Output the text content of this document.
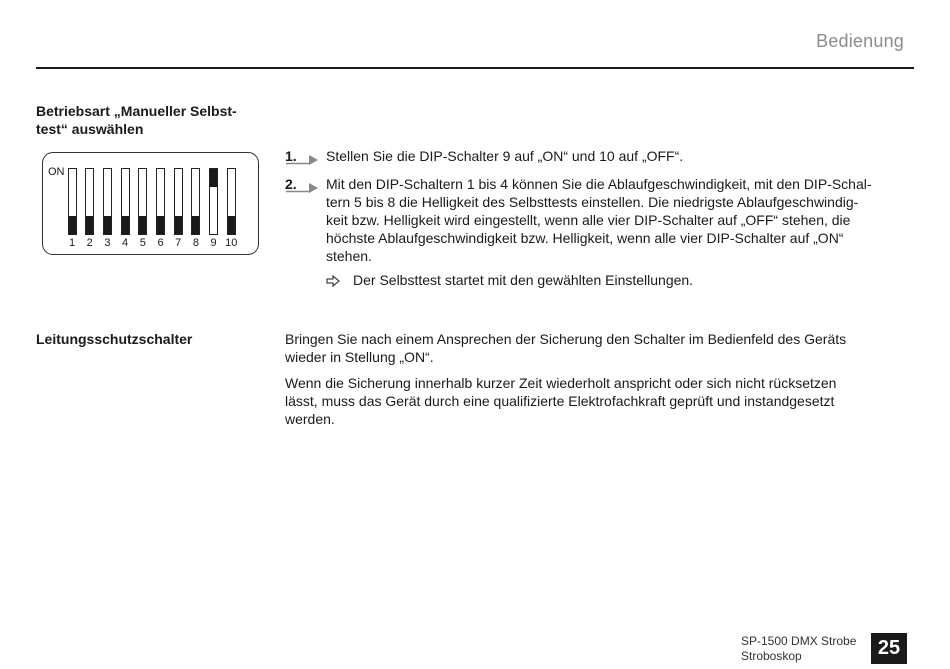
Bedienung
Betriebsart „Manueller Selbst-
test“ auswählen
ON
1	2	3	4	5	6	7	8	9 10
1. Stellen Sie die DIP-Schalter 9 auf „ON“ und 10 auf „OFF“.
2. Mit den DIP-Schaltern 1 bis 4 können Sie die Ablaufgeschwindigkeit, mit den DIP-Schal-
tern 5 bis 8 die Helligkeit des Selbsttests einstellen. Die niedrigste Ablaufgeschwindig-
keit bzw. Helligkeit wird eingestellt, wenn alle vier DIP-Schalter auf „OFF“ stehen, die
höchste Ablaufgeschwindigkeit bzw. Helligkeit, wenn alle vier DIP-Schalter auf „ON“
stehen.
Der Selbsttest startet mit den gewählten Einstellungen.
Leitungsschutzschalter	Bringen Sie nach einem Ansprechen der Sicherung den Schalter im Bedienfeld des Geräts
wieder in Stellung „ON“.
Wenn die Sicherung innerhalb kurzer Zeit wiederholt anspricht oder sich nicht rücksetzen
lässt, muss das Gerät durch eine qualifizierte Elektrofachkraft geprüft und instandgesetzt
werden.
SP-1500 DMX Strobe
Stroboskop	25
